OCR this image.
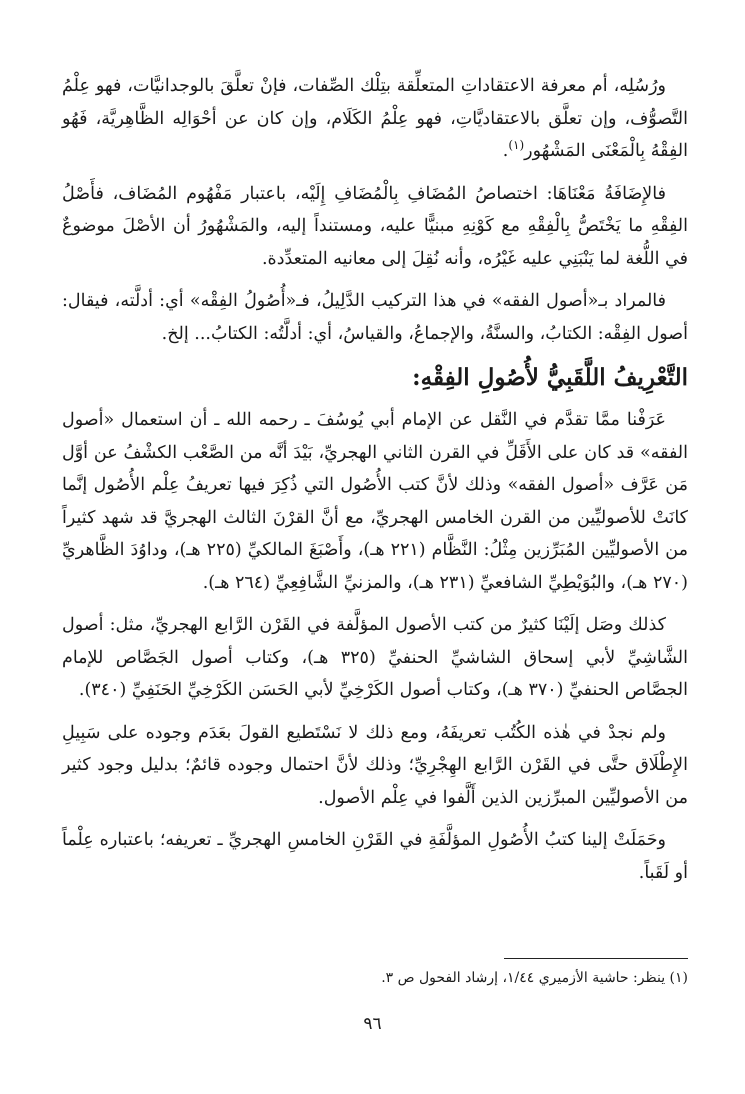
ورُسُلِه، أم معرفة الاعتقاداتِ المتعلِّقة بتِلْك الصِّفات، فإنْ تعلَّقَ بالوجدانيَّات، فهو عِلْمُ التَّصوُّف، وإن تعلَّق بالاعتقاديَّاتِ، فهو عِلْمُ الكَلَام، وإن كان عن أحْوَالِه الظَّاهِريَّة، فَهُو الفِقْهُ بِالْمَعْنَى المَشْهُور$^{(١)}$.

فالإِضَافَةُ مَعْنَاهَا: اختصاصُ المُضَافِ بِالْمُضَافِ إِلَيْه، باعتبار مَفْهُوم المُضَاف، فأَصْلُ الفِقْهِ ما يَخْتَصُّ بِالْفِقْهِ مع كَوْنِهِ مبنيًّا عليه، ومستنداً إليه، والمَشْهُورُ أن الأصْلَ موضوعٌ في اللُّغة لما يَنْبَنِي عليه غَيْرُه، وأنه نُقِلَ إلى معانيه المتعدِّدة.

فالمراد بـ«أصول الفقه» في هذا التركيب الدَّلِيلُ، فـ«أُصُولُ الفِقْه» أي: أدلَّته، فيقال: أصول الفِقْه: الكتابُ، والسنَّةُ، والإجماعُ، والقياسُ، أي: أدلَّتُه: الكتابُ... إلخ.

التَّعْرِيفُ اللَّقَبِيُّ لأُصُولِ الفِقْهِ:

عَرَفْنا ممَّا تقدَّم في النَّقل عن الإمام أبي يُوسُفَ ـ رحمه الله ـ أن استعمال «أصول الفقه» قد كان على الأَقَلِّ في القرن الثاني الهجريِّ، بَيْدَ أنَّه من الصَّعْب الكشْفُ عن أوَّل مَن عَرَّف «أصول الفقه» وذلك لأنَّ كتب الأُصُول التي ذُكِرَ فيها تعريفُ عِلْم الأُصُول إنَّما كانَتْ للأصوليِّين من القرن الخامس الهجريِّ، مع أنَّ القرْنَ الثالث الهجريَّ قد شهد كثيراً من الأصوليِّين المُبَرِّزين مِثْلُ: النَّظَّام (٢٢١ هـ)، وأَصْبَغَ المالكيِّ (٢٢٥ هـ)، وداوُدَ الظَّاهريِّ (٢٧٠ هـ)، والبُوَيْطِيِّ الشافعيِّ (٢٣١ هـ)، والمزنيِّ الشَّافِعِيِّ (٢٦٤ هـ).

كذلك وصَل إلَيْنَا كثيرٌ من كتب الأصول المؤلَّفة في القَرْن الرَّابع الهجريِّ، مثل: أصول الشَّاشِيِّ لأبي إسحاق الشاشيِّ الحنفيِّ (٣٢٥ هـ)، وكتاب أصول الجَصَّاص للإمام الجصَّاص الحنفيِّ (٣٧٠ هـ)، وكتاب أصول الكَرْخِيِّ لأبي الحَسَن الكَرْخِيِّ الحَنَفِيِّ (٣٤٠).

ولم نجدْ في هٰذه الكُتُب تعريفَهُ، ومع ذلك لا نَسْتَطيع القولَ بعَدَم وجوده على سَبِيلِ الإِطْلَاق حتَّى في القَرْن الرَّابع الهِجْرِيِّ؛ وذلك لأنَّ احتمال وجوده قائمٌ؛ بدليل وجود كثير من الأصوليِّين المبرِّزين الذين أَلَّفوا في عِلْم الأصول.

وحَمَلَتْ إلينا كتبُ الأُصُولِ المؤلَّفَةِ في القَرْنِ الخامسِ الهجريِّ ـ تعريفه؛ باعتباره عِلْماً أو لَقَباً.

(١) ينظر: حاشية الأزميري ١/٤٤، إرشاد الفحول ص ٣.
٩٦
